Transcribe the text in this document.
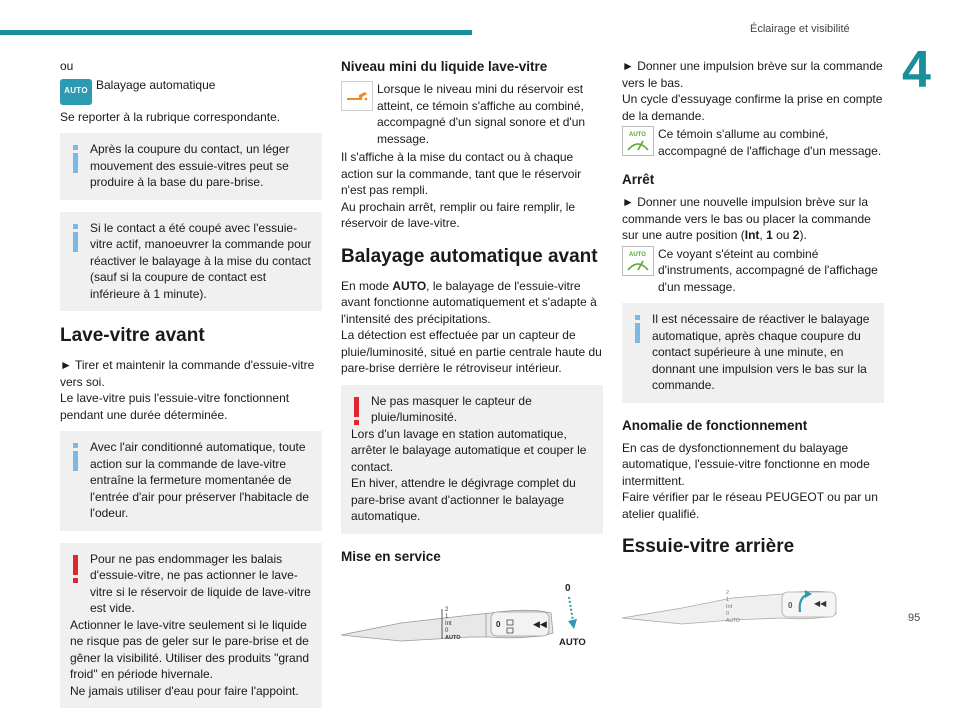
Éclairage et visibilité
4
95

ou

AUTO Balayage automatique

Se reporter à la rubrique correspondante.

Après la coupure du contact, un léger mouvement des essuie-vitres peut se produire à la base du pare-brise.

Si le contact a été coupé avec l'essuie-vitre actif, manoeuvrer la commande pour réactiver le balayage à la mise du contact (sauf si la coupure de contact est inférieure à 1 minute).

Lave-vitre avant

► Tirer et maintenir la commande d'essuie-vitre vers soi.

Le lave-vitre puis l'essuie-vitre fonctionnent pendant une durée déterminée.

Avec l'air conditionné automatique, toute action sur la commande de lave-vitre entraîne la fermeture momentanée de l'entrée d'air pour préserver l'habitacle de l'odeur.

Pour ne pas endommager les balais d'essuie-vitre, ne pas actionner le lave-vitre si le réservoir de liquide de lave-vitre est vide.

Actionner le lave-vitre seulement si le liquide ne risque pas de geler sur le pare-brise et de gêner la visibilité. Utiliser des produits "grand froid" en période hivernale.

Ne jamais utiliser d'eau pour faire l'appoint.

Niveau mini du liquide lave-vitre

Lorsque le niveau mini du réservoir est atteint, ce témoin s'affiche au combiné, accompagné d'un signal sonore et d'un message.

Il s'affiche à la mise du contact ou à chaque action sur la commande, tant que le réservoir n'est pas rempli.

Au prochain arrêt, remplir ou faire remplir, le réservoir de lave-vitre.

Balayage automatique avant

En mode AUTO, le balayage de l'essuie-vitre avant fonctionne automatiquement et s'adapte à l'intensité des précipitations.

La détection est effectuée par un capteur de pluie/luminosité, situé en partie centrale haute du pare-brise derrière le rétroviseur intérieur.

Ne pas masquer le capteur de pluie/luminosité.

Lors d'un lavage en station automatique, arrêter le balayage automatique et couper le contact.

En hiver, attendre le dégivrage complet du pare-brise avant d'actionner le balayage automatique.

Mise en service
2
1
Int
0
AUTO
0	◀◀
0
AUTO

► Donner une impulsion brève sur la commande vers le bas.

Un cycle d'essuyage confirme la prise en compte de la demande.

AUTO Ce témoin s'allume au combiné, accompagné de l'affichage d'un message.

Arrêt

► Donner une nouvelle impulsion brève sur la commande vers le bas ou placer la commande sur une autre position (Int, 1 ou 2).

AUTO Ce voyant s'éteint au combiné d'instruments, accompagné de l'affichage d'un message.

Il est nécessaire de réactiver le balayage automatique, après chaque coupure du contact supérieure à une minute, en donnant une impulsion vers le bas sur la commande.

Anomalie de fonctionnement

En cas de dysfonctionnement du balayage automatique, l'essuie-vitre fonctionne en mode intermittent.

Faire vérifier par le réseau PEUGEOT ou par un atelier qualifié.

Essuie-vitre arrière
2
1
Int
0
AUTO
0	◀◀
